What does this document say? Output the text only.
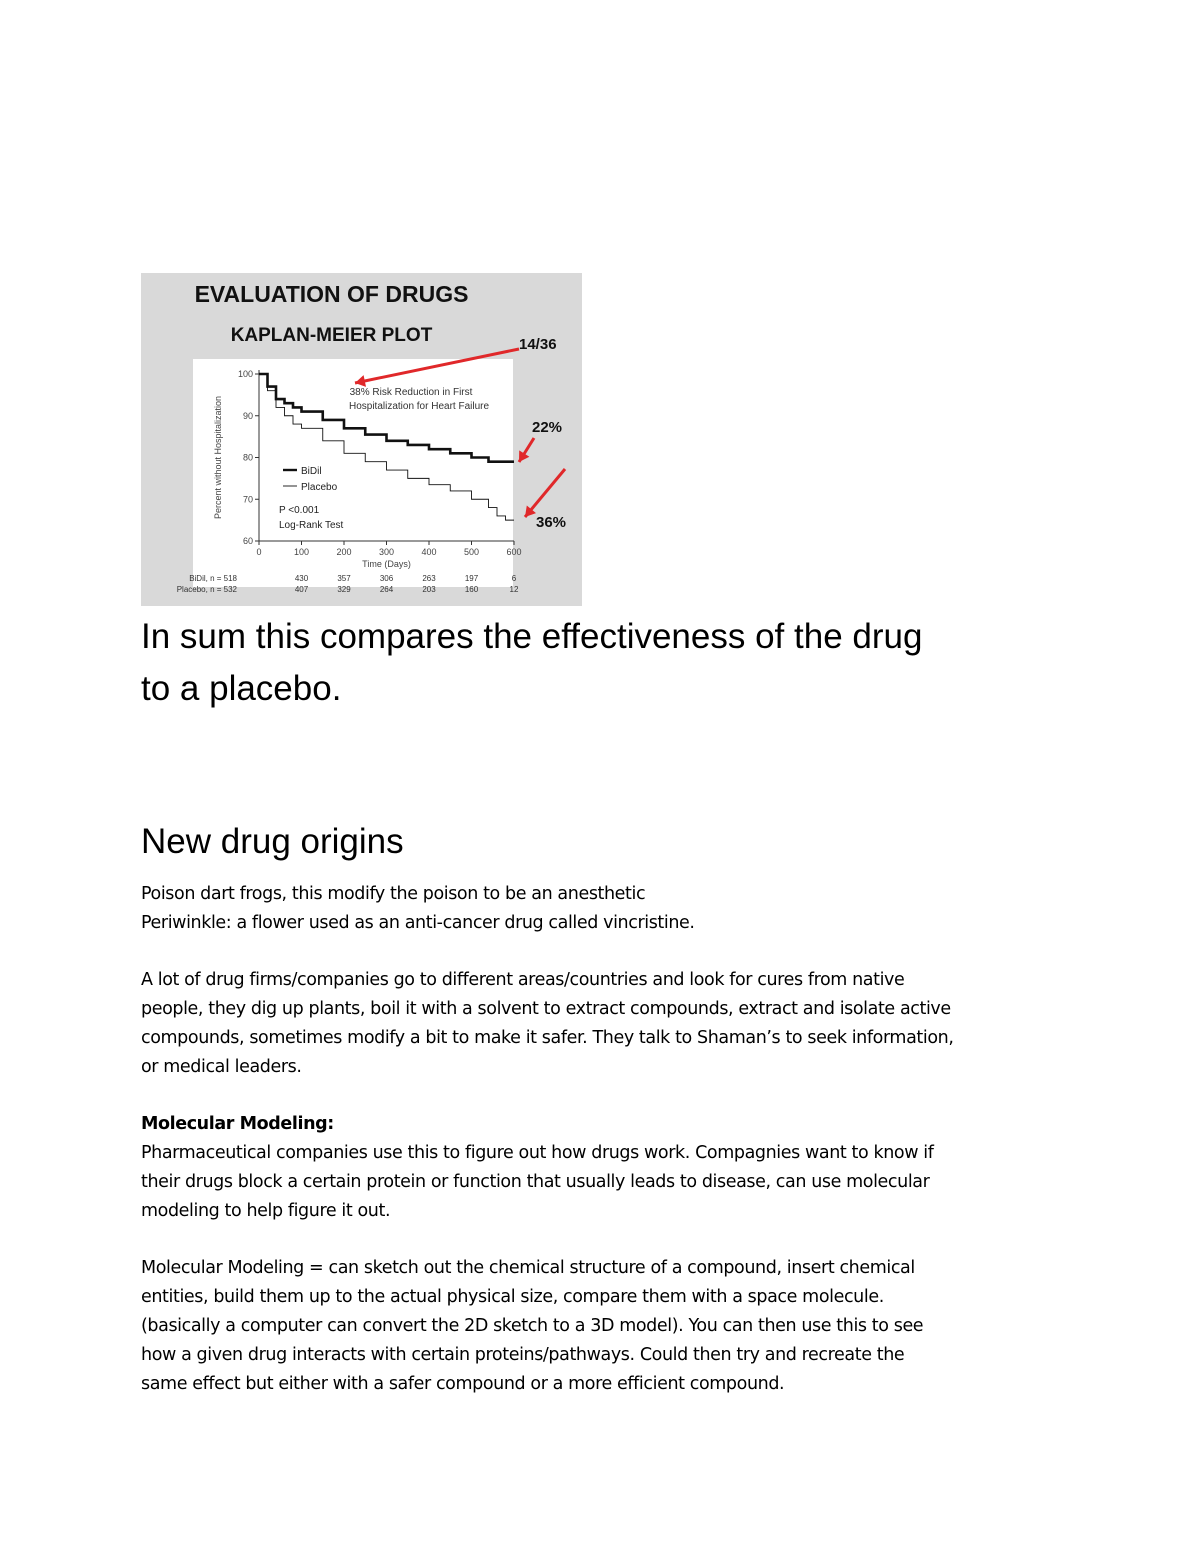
60
70
80
90
100
0	100	200	300	400	500	600
Time (Days)
Percent without Hospitalization	BiDil
Placebo
P <0.001
Log-Rank Test
38% Risk Reduction in First
Hospitalization for Heart Failure
14/36
22%
36%
BiDil, n = 518	430	357	306	263	197	6
Placebo, n = 532	407	329	264	203	160	12
EVALUATION OF DRUGS
KAPLAN-MEIER PLOT
In sum this compares the effectiveness of the drug
to a placebo.
New drug origins
Poison dart frogs, this modify the poison to be an anesthetic
Periwinkle: a flower used as an anti-cancer drug called vincristine.
A lot of drug firms/companies go to different areas/countries and look for cures from native
people, they dig up plants, boil it with a solvent to extract compounds, extract and isolate active
compounds, sometimes modify a bit to make it safer. They talk to Shaman’s to seek information,
or medical leaders.
Molecular Modeling:
Pharmaceutical companies use this to figure out how drugs work. Compagnies want to know if
their drugs block a certain protein or function that usually leads to disease, can use molecular
modeling to help figure it out.
Molecular Modeling = can sketch out the chemical structure of a compound, insert chemical
entities, build them up to the actual physical size, compare them with a space molecule.
(basically a computer can convert the 2D sketch to a 3D model). You can then use this to see
how a given drug interacts with certain proteins/pathways. Could then try and recreate the
same effect but either with a safer compound or a more efficient compound.
